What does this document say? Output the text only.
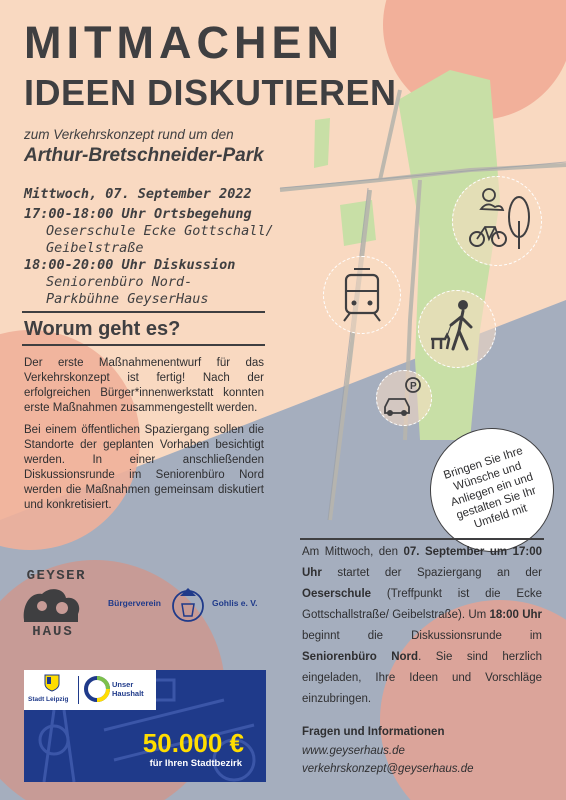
P
Bringen Sie Ihre Wünsche und Anliegen ein und gestalten Sie Ihr Umfeld mit
MITMACHEN
IDEEN DISKUTIEREN
zum Verkehrskonzept rund um den
Arthur-Bretschneider-Park
Mittwoch, 07. September 2022
17:00-18:00 Uhr Ortsbegehung
Oeserschule Ecke Gottschall/
Geibelstraße
18:00-20:00 Uhr Diskussion
Seniorenbüro Nord-
Parkbühne GeyserHaus
Worum geht es?
Der erste Maßnahmenentwurf für das Verkehrskonzept ist fertig! Nach der erfolgreichen Bürger*innenwerkstatt konnten erste Maßnahmen zusammengestellt werden.
Bei einem öffentlichen Spaziergang sollen die Standorte der geplanten Vorhaben besichtigt werden. In einer anschließenden Diskussionsrunde im Seniorenbüro Nord werden die Maßnahmen gemeinsam diskutiert und konkretisiert.
Am Mittwoch, den 07. September um 17:00 Uhr startet der Spaziergang an der Oeserschule (Treffpunkt ist die Ecke Gottschallstraße/ Geibelstraße). Um 18:00 Uhr beginnt die Diskussionsrunde im Seniorenbüro Nord. Sie sind herzlich eingeladen, Ihre Ideen und Vorschläge einzubringen.
Fragen und Informationen
www.geyserhaus.de
verkehrskonzept@geyserhaus.de
GEYSER
HAUS
Bürgerverein	Gohlis e. V.
Stadt Leipzig
Unser
Haushalt
50.000 €
für Ihren Stadtbezirk
